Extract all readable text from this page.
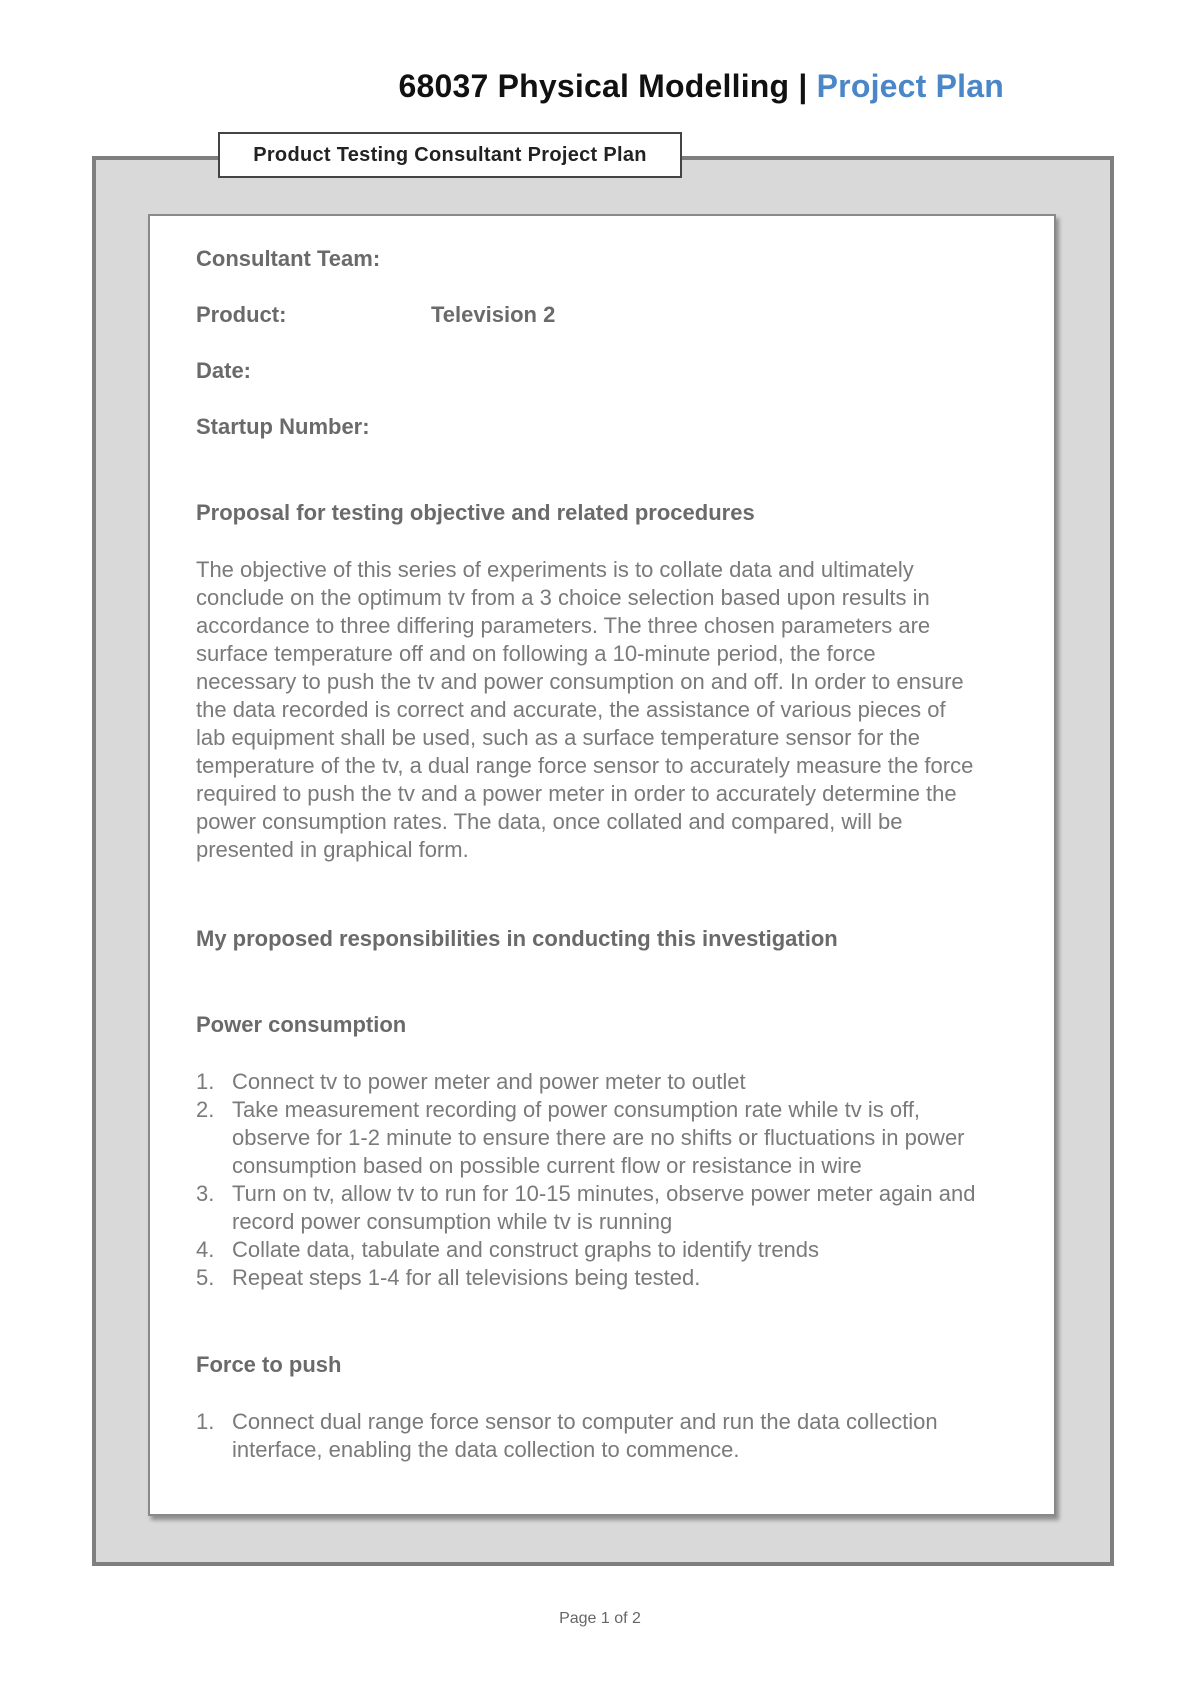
68037 Physical Modelling | Project Plan
Product Testing Consultant Project Plan
Consultant Team:
Product:	Television 2
Date:
Startup Number:
Proposal for testing objective and related procedures

The objective of this series of experiments is to collate data and ultimately
conclude on the optimum tv from a 3 choice selection based upon results in
accordance to three differing parameters. The three chosen parameters are
surface temperature off and on following a 10-minute period, the force
necessary to push the tv and power consumption on and off. In order to ensure
the data recorded is correct and accurate, the assistance of various pieces of
lab equipment shall be used, such as a surface temperature sensor for the
temperature of the tv, a dual range force sensor to accurately measure the force
required to push the tv and a power meter in order to accurately determine the
power consumption rates. The data, once collated and compared, will be
presented in graphical form.

My proposed responsibilities in conducting this investigation
Power consumption
1. Connect tv to power meter and power meter to outlet
2. Take measurement recording of power consumption rate while tv is off,
observe for 1-2 minute to ensure there are no shifts or fluctuations in power
consumption based on possible current flow or resistance in wire
3. Turn on tv, allow tv to run for 10-15 minutes, observe power meter again and
record power consumption while tv is running
4. Collate data, tabulate and construct graphs to identify trends
5. Repeat steps 1-4 for all televisions being tested.
Force to push
1. Connect dual range force sensor to computer and run the data collection
interface, enabling the data collection to commence.
Page 1 of 2
